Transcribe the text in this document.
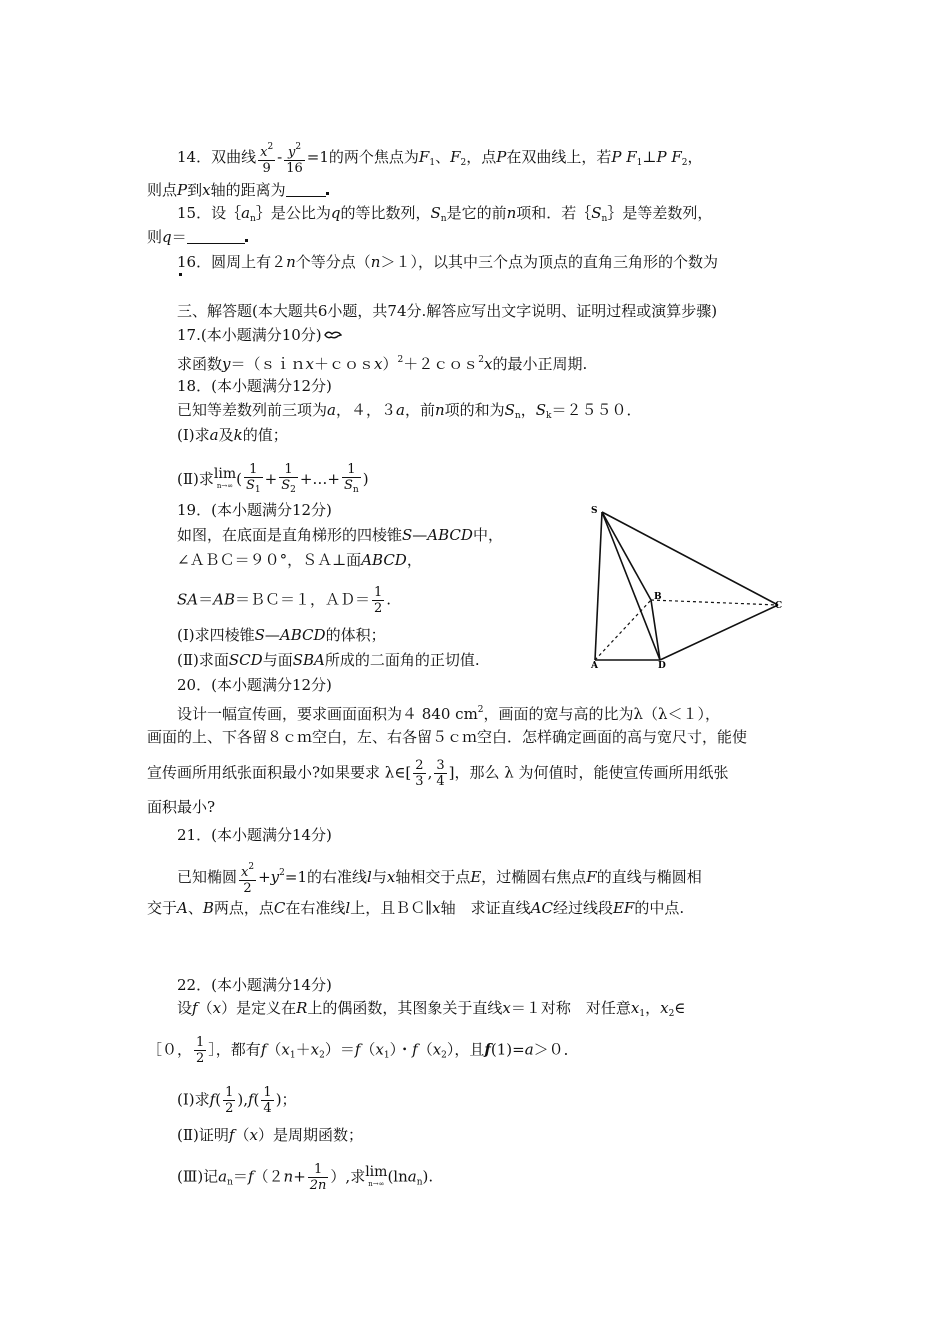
14．双曲线 $\frac{x^2}{9} - \frac{y^2}{16} =1$的两个焦点为$F_1$、$F_2$，点P在双曲线上，若P $F_1\perp P$ $F_2$，
则点P到x轴的距离为
15．设$\{a_n\}$是公比为q的等比数列，$S_n$是它的前n项和．若$\{S_n\}$是等差数列，
则q＝
16．圆周上有２n个等分点（n＞１），以其中三个点为顶点的直角三角形的个数为
三、解答题(本大题共6小题，共74分.解答应写出文字说明、证明过程或演算步骤)
17.(本小题满分10分)
求函数y＝（ｓｉｎx＋ｃｏｓx）$^2$＋２ｃｏｓ$^2$x的最小正周期.
18．(本小题满分12分)
已知等差数列前三项为a，４，３a，前n项的和为$S_n$，$S_k=2550$．
(Ⅰ)求a及k的值；
(Ⅱ)求 lim
n→∞ ( $\frac{1}{S_1} + \frac{1}{S_2}$ +…+ $\frac{1}{S_n}$ )
19．(本小题满分12分)
如图，在底面是直角梯形的四棱锥S—ABCD中，
∠ＡＢＣ＝９０°，ＳＡ⊥面ABCD，
SA＝AB＝ＢＣ＝１，ＡＤ＝ $\frac{1}{2}$ .
(Ⅰ)求四棱锥S—ABCD的体积；
(Ⅱ)求面SCD与面SBA所成的二面角的正切值.
S
B
C
A	D
20．(本小题满分12分)
设计一幅宣传画，要求画面面积为４ 840 $cm^2$，画面的宽与高的比为λ（λ＜１），
画面的上、下各留８ｃｍ空白，左、右各留５ｃｍ空白．怎样确定画面的高与宽尺寸，能使
宣传画所用纸张面积最小?如果要求 λ∈[ $\frac{2}{3}$ , $\frac{3}{4}$ ]，那么 λ 为何值时，能使宣传画所用纸张
面积最小?
21．(本小题满分14分)
已知椭圆 $\frac{x^2}{2} +y^2=1$的右准线l与x轴相交于点E，过椭圆右焦点F的直线与椭圆相
交于A、B两点，点C在右准线l上，且ＢＣ∥x轴　求证直线AC经过线段EF的中点.
22．(本小题满分14分)
设f（x）是定义在R上的偶函数，其图象关于直线x＝１对称　对任意$x_1$，$x_2\in$
［０， $\frac{1}{2}$ ］，都有$f(x_1+x_2)=f(x_1)$・$f(x_2)$，且f(1)=a＞０．
(Ⅰ)求$f( \frac{1}{2} ),f( \frac{1}{4}$ )；
(Ⅱ)证明f（x）是周期函数；
(Ⅲ)记$a_n=f(2n+ \frac{1}{2n}$ ）,求 lim
n→∞ (lna$_n$).
